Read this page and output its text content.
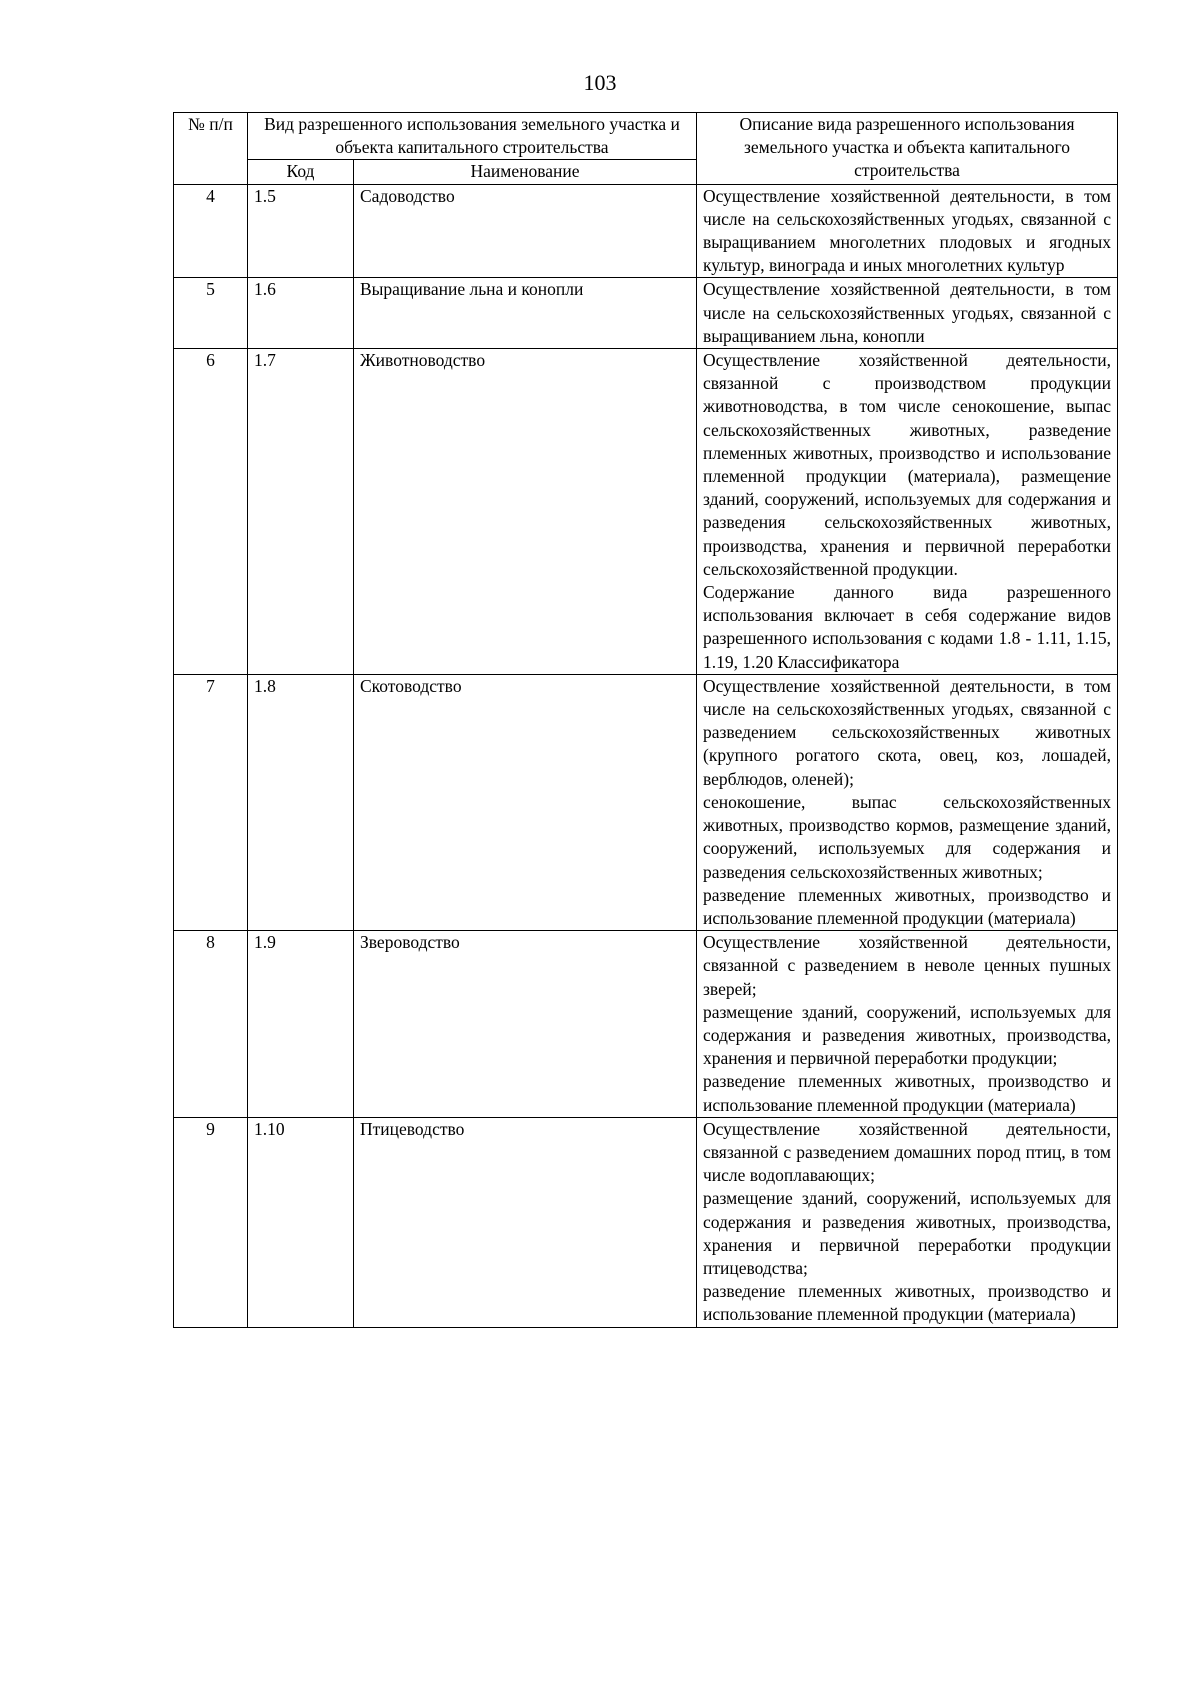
103
№ п/п	Вид разрешенного использования земельного участка и объекта капитального строительства		Описание вида разрешенного использования земельного участка и объекта капитального строительства
	Код	Наименование	
4	1.5	Садоводство	Осуществление хозяйственной деятельности, в том числе на сельскохозяйственных угодьях, связанной с выращиванием многолетних плодовых и ягодных культур, винограда и иных многолетних культур

5	1.6	Выращивание льна и конопли	Осуществление хозяйственной деятельности, в том числе на сельскохозяйственных угодьях, связанной с выращиванием льна, конопли

6	1.7	Животноводство	Осуществление хозяйственной деятельности, связанной с производством продукции животноводства, в том числе сенокошение, выпас сельскохозяйственных животных, разведение племенных животных, производство и использование племенной продукции (материала), размещение зданий, сооружений, используемых для содержания и разведения сельскохозяйственных животных, производства, хранения и первичной переработки сельскохозяйственной продукции.

Содержание данного вида разрешенного использования включает в себя содержание видов разрешенного использования с кодами 1.8 - 1.11, 1.15, 1.19, 1.20 Классификатора

7	1.8	Скотоводство	Осуществление хозяйственной деятельности, в том числе на сельскохозяйственных угодьях, связанной с разведением сельскохозяйственных животных (крупного рогатого скота, овец, коз, лошадей, верблюдов, оленей);

сенокошение, выпас сельскохозяйственных животных, производство кормов, размещение зданий, сооружений, используемых для содержания и разведения сельскохозяйственных животных;

разведение племенных животных, производство и использование племенной продукции (материала)

8	1.9	Звероводство	Осуществление хозяйственной деятельности, связанной с разведением в неволе ценных пушных зверей;

размещение зданий, сооружений, используемых для содержания и разведения животных, производства, хранения и первичной переработки продукции;

разведение племенных животных, производство и использование племенной продукции (материала)

9	1.10	Птицеводство	Осуществление хозяйственной деятельности, связанной с разведением домашних пород птиц, в том числе водоплавающих;

размещение зданий, сооружений, используемых для содержания и разведения животных, производства, хранения и первичной переработки продукции птицеводства;

разведение племенных животных, производство и использование племенной продукции (материала)
